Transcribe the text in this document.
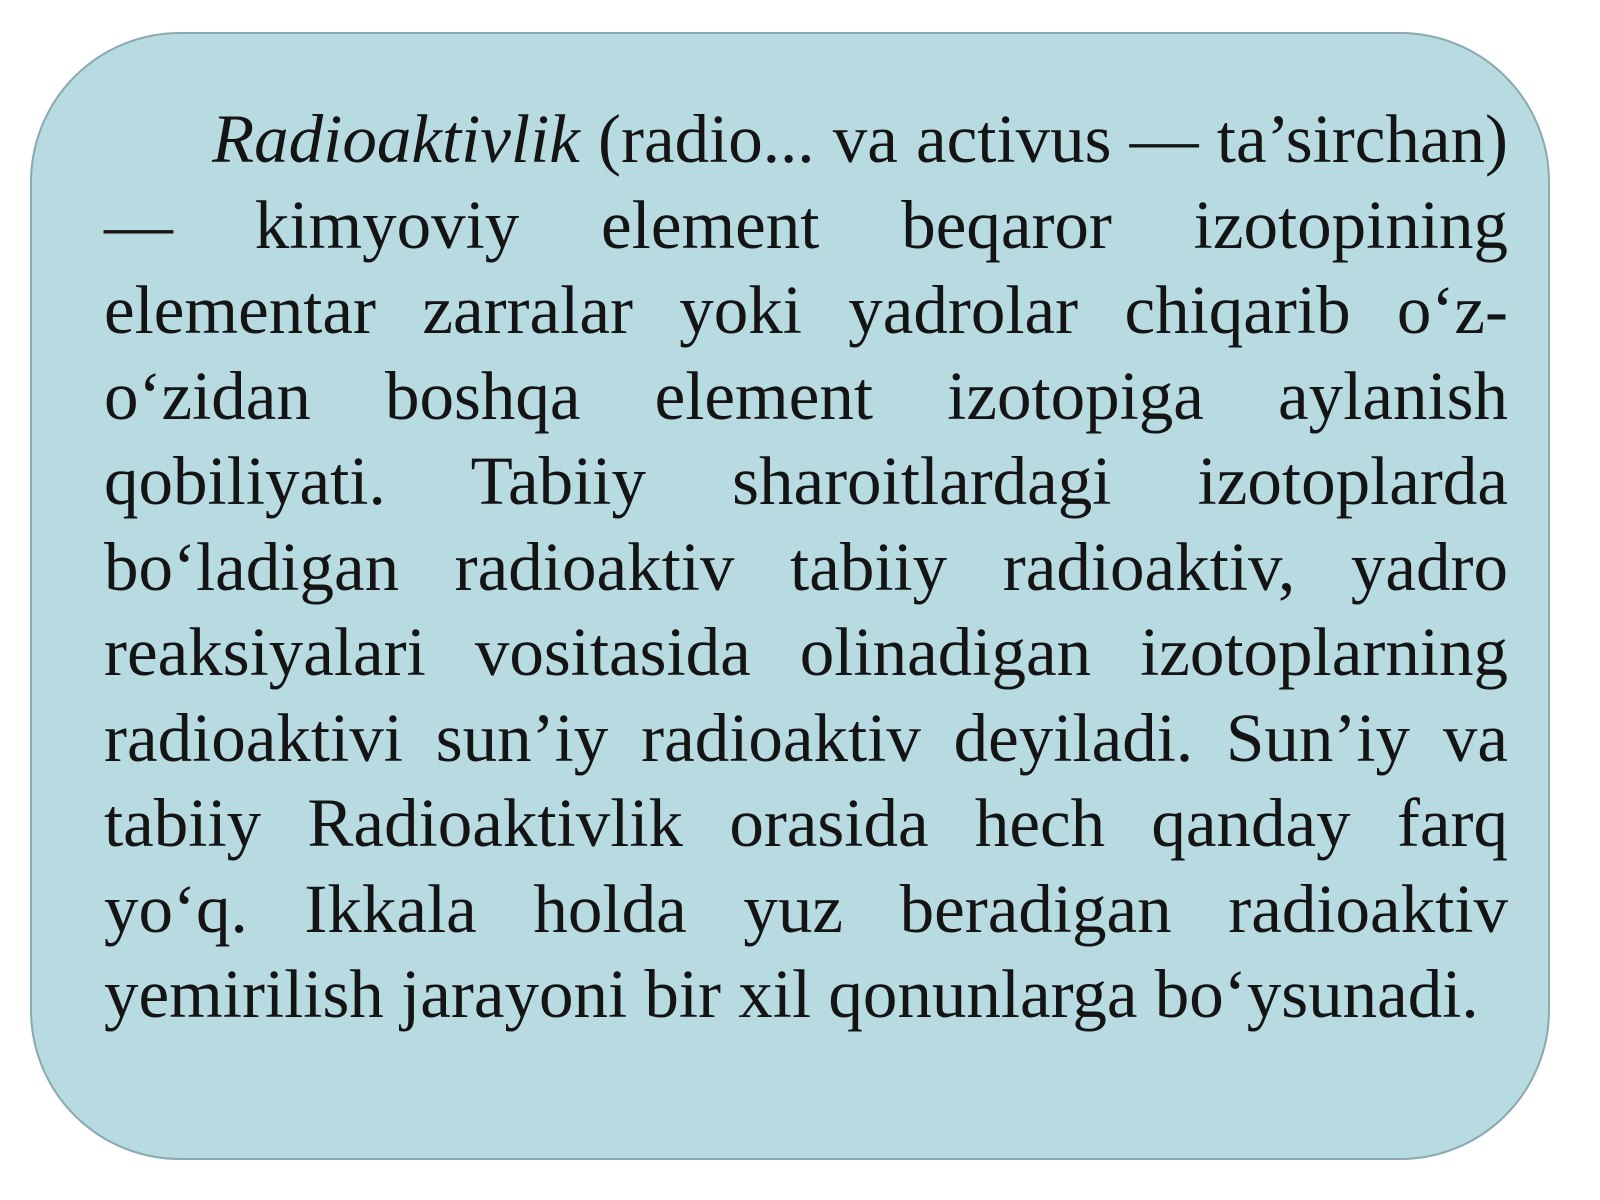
Radioaktivlik (radio... va activus — ta’sirchan) — kimyoviy element beqaror izotopining elementar zarralar yoki yadrolar chiqarib o‘z-o‘zidan boshqa element izotopiga aylanish qobiliyati. Tabiiy sharoitlardagi izotoplarda bo‘ladigan radioaktiv tabiiy radioaktiv, yadro reaksiyalari vositasida olinadigan izotoplarning radioaktivi sun’iy radioaktiv deyiladi. Sun’iy va tabiiy Radioaktivlik orasida hech qanday farq yo‘q. Ikkala holda yuz beradigan radioaktiv yemirilish jarayoni bir xil qonunlarga bo‘ysunadi.
